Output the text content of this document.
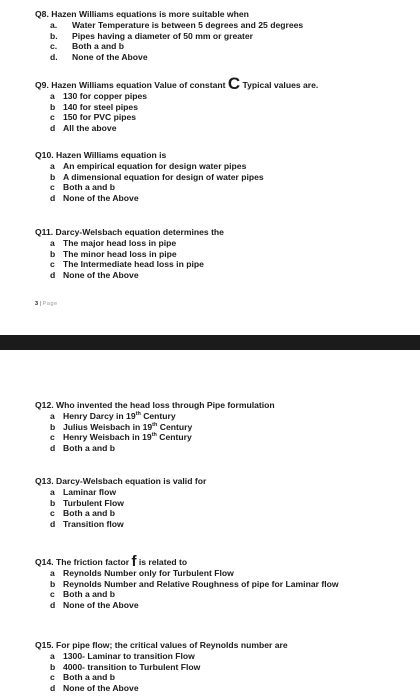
Q8. Hazen Williams equations is more suitable when
a.	Water Temperature is between 5 degrees and 25 degrees
b.	Pipes having a diameter of 50 mm or greater
c.	Both a and b
d.	None of the Above
Q9. Hazen Williams equation Value of constant C Typical values are.
a 130 for copper pipes
b 140 for steel pipes
c 150 for PVC pipes
d All the above
Q10. Hazen Williams equation is
a An empirical equation for design water pipes
b A dimensional equation for design of water pipes
c Both a and b
d None of the Above
Q11. Darcy-Welsbach equation determines the
a The major head loss in pipe
b The minor head loss in pipe
c The Intermediate head loss in pipe
d None of the Above
3 | Page
Q12. Who invented the head loss through Pipe formulation
a Henry Darcy in 19th Century
b Julius Weisbach in 19th Century
c Henry Weisbach in 19th Century
d Both a and b
Q13. Darcy-Welsbach equation is valid for
a Laminar flow
b Turbulent Flow
c Both a and b
d Transition flow
Q14. The friction factor f is related to
a Reynolds Number only for Turbulent Flow
b Reynolds Number and Relative Roughness of pipe for Laminar flow
c Both a and b
d None of the Above
Q15. For pipe flow; the critical values of Reynolds number are
a 1300- Laminar to transition Flow
b 4000- transition to Turbulent Flow
c Both a and b
d None of the Above
